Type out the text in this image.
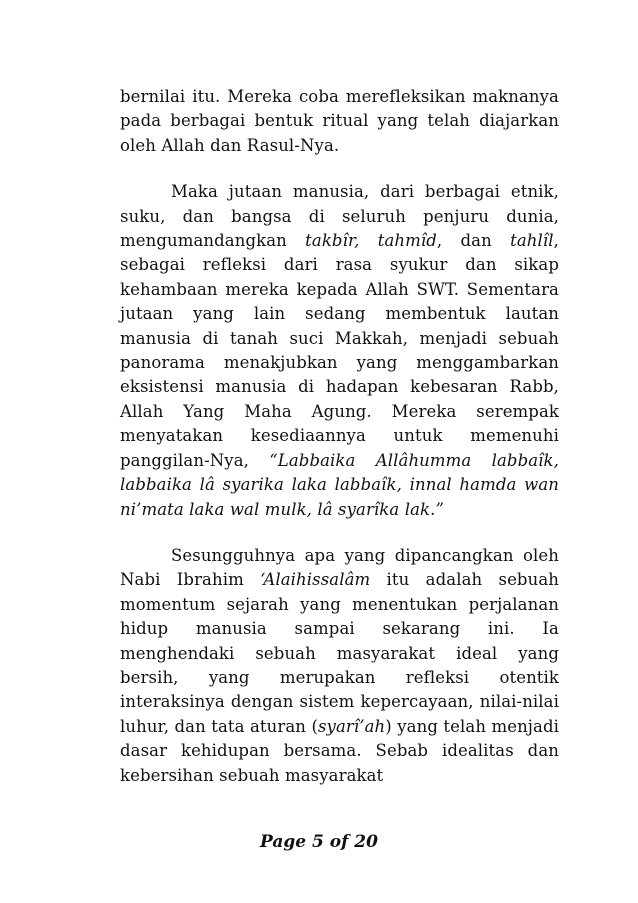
bernilai itu. Mereka coba merefleksikan maknanya pada berbagai bentuk ritual yang telah diajarkan oleh Allah dan Rasul-Nya.

Maka jutaan manusia, dari berbagai etnik, suku, dan bangsa di seluruh penjuru dunia, mengumandangkan takbîr, tahmîd, dan tahlîl, sebagai refleksi dari rasa syukur dan sikap kehambaan mereka kepada Allah SWT. Sementara jutaan yang lain sedang membentuk lautan manusia di tanah suci Makkah, menjadi sebuah panorama menakjubkan yang menggambarkan eksistensi manusia di hadapan kebesaran Rabb, Allah Yang Maha Agung. Mereka serempak menyatakan kesediaannya untuk memenuhi panggilan-Nya, “Labbaika Allâhumma labbaîk, labbaika lâ syarika laka labbaîk, innal hamda wan ni’mata laka wal mulk, lâ syarîka lak.”

Sesungguhnya apa yang dipancangkan oleh Nabi Ibrahim ‘Alaihissalâm itu adalah sebuah momentum sejarah yang menentukan perjalanan hidup manusia sampai sekarang ini. Ia menghendaki sebuah masyarakat ideal yang bersih, yang merupakan refleksi otentik interaksinya dengan sistem kepercayaan, nilai-nilai luhur, dan tata aturan (syarî’ah) yang telah menjadi dasar kehidupan bersama. Sebab idealitas dan kebersihan sebuah masyarakat

Page 5 of 20
